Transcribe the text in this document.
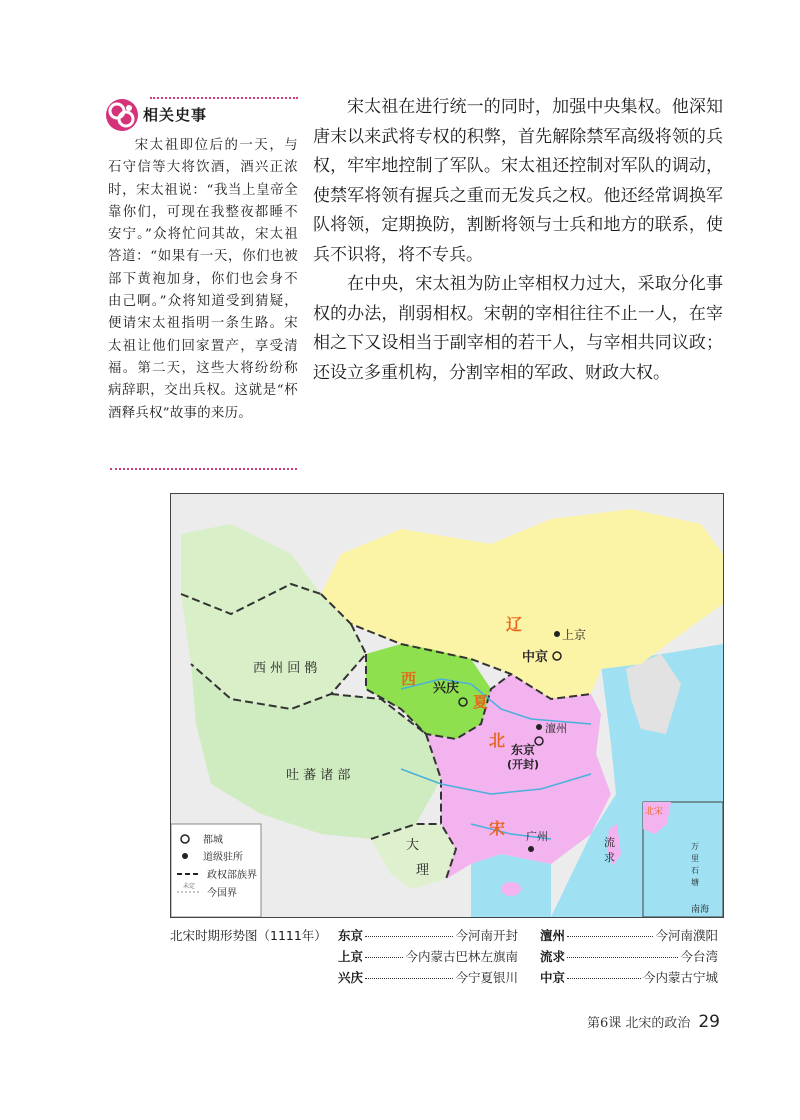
相关史事
宋太祖即位后的一天，与石守信等大将饮酒，酒兴正浓时，宋太祖说：“我当上皇帝全靠你们，可现在我整夜都睡不安宁。”众将忙问其故，宋太祖答道：“如果有一天，你们也被部下黄袍加身，你们也会身不由己啊。”众将知道受到猜疑，便请宋太祖指明一条生路。宋太祖让他们回家置产，享受清福。第二天，这些大将纷纷称病辞职，交出兵权。这就是“杯酒释兵权”故事的来历。

宋太祖在进行统一的同时，加强中央集权。他深知唐末以来武将专权的积弊，首先解除禁军高级将领的兵权，牢牢地控制了军队。宋太祖还控制对军队的调动，使禁军将领有握兵之重而无发兵之权。他还经常调换军队将领，定期换防，割断将领与士兵和地方的联系，使兵不识将，将不专兵。

在中央，宋太祖为防止宰相权力过大，采取分化事权的办法，削弱相权。宋朝的宰相往往不止一人，在宰相之下又设相当于副宰相的若干人，与宰相共同议政；还设立多重机构，分割宰相的军政、财政大权。

辽
西
夏
北
宋
西 州 回 鹘
吐 蕃 诸 部
大
理
流
求
上京
中京
兴庆
澶州
东京
(开封)
广州
都城
道级驻所
政权部族界
未定
今国界
北宋
万
里
石
塘
南海
北宋时期形势图（1111年） 东京	今河南开封 澶州	今河南濮阳
上京	今内蒙古巴林左旗南 流求	今台湾
兴庆	今宁夏银川 中京	今内蒙古宁城
第6课 北宋的政治 29
